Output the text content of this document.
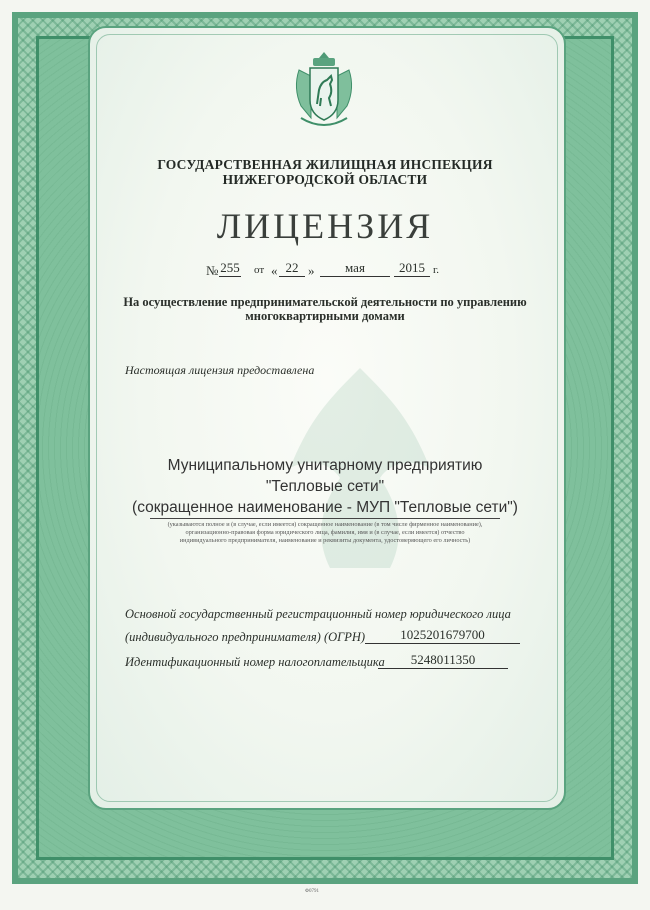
ГОСУДАРСТВЕННАЯ ЖИЛИЩНАЯ ИНСПЕКЦИЯ
НИЖЕГОРОДСКОЙ ОБЛАСТИ
ЛИЦЕНЗИЯ
№ 255 от « 22 »	мая	2015 г.
На осуществление предпринимательской деятельности по управлению
многоквартирными домами
Настоящая лицензия предоставлена
Муниципальному унитарному предприятию
"Тепловые сети"
(сокращенное наименование - МУП "Тепловые сети")
(указываются полное и (в случае, если имеется) сокращенное наименование (в том числе фирменное наименование),
организационно-правовая форма юридического лица, фамилия, имя и (в случае, если имеется) отчество
индивидуального предпринимателя, наименование и реквизиты документа, удостоверяющего его личность)
Основной государственный регистрационный номер юридического лица
(индивидуального предпринимателя) (ОГРН)	1025201679700
Идентификационный номер налогоплательщика	5248011350
Ф0791
